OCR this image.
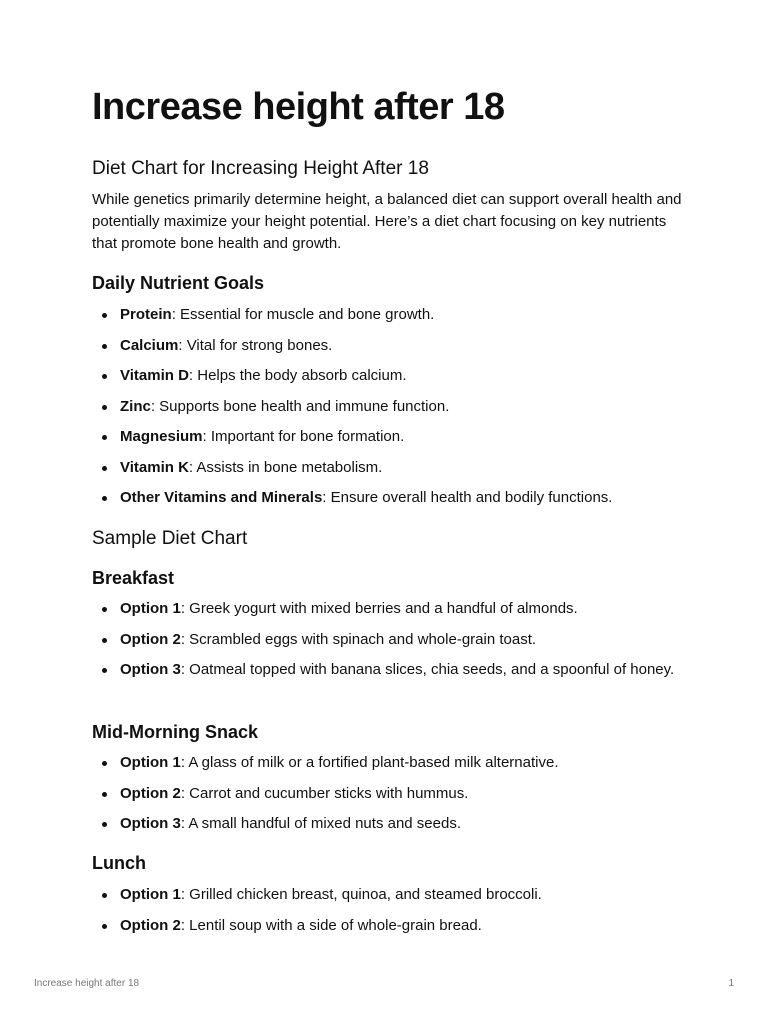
Increase height after 18
Diet Chart for Increasing Height After 18

While genetics primarily determine height, a balanced diet can support overall health and potentially maximize your height potential. Here’s a diet chart focusing on key nutrients that promote bone health and growth.

Daily Nutrient Goals
Protein: Essential for muscle and bone growth.
Calcium: Vital for strong bones.
Vitamin D: Helps the body absorb calcium.
Zinc: Supports bone health and immune function.
Magnesium: Important for bone formation.
Vitamin K: Assists in bone metabolism.
Other Vitamins and Minerals: Ensure overall health and bodily functions.
Sample Diet Chart
Breakfast
Option 1: Greek yogurt with mixed berries and a handful of almonds.
Option 2: Scrambled eggs with spinach and whole-grain toast.
Option 3: Oatmeal topped with banana slices, chia seeds, and a spoonful of honey.
Mid-Morning Snack
Option 1: A glass of milk or a fortified plant-based milk alternative.
Option 2: Carrot and cucumber sticks with hummus.
Option 3: A small handful of mixed nuts and seeds.
Lunch
Option 1: Grilled chicken breast, quinoa, and steamed broccoli.
Option 2: Lentil soup with a side of whole-grain bread.
Increase height after 18	1
